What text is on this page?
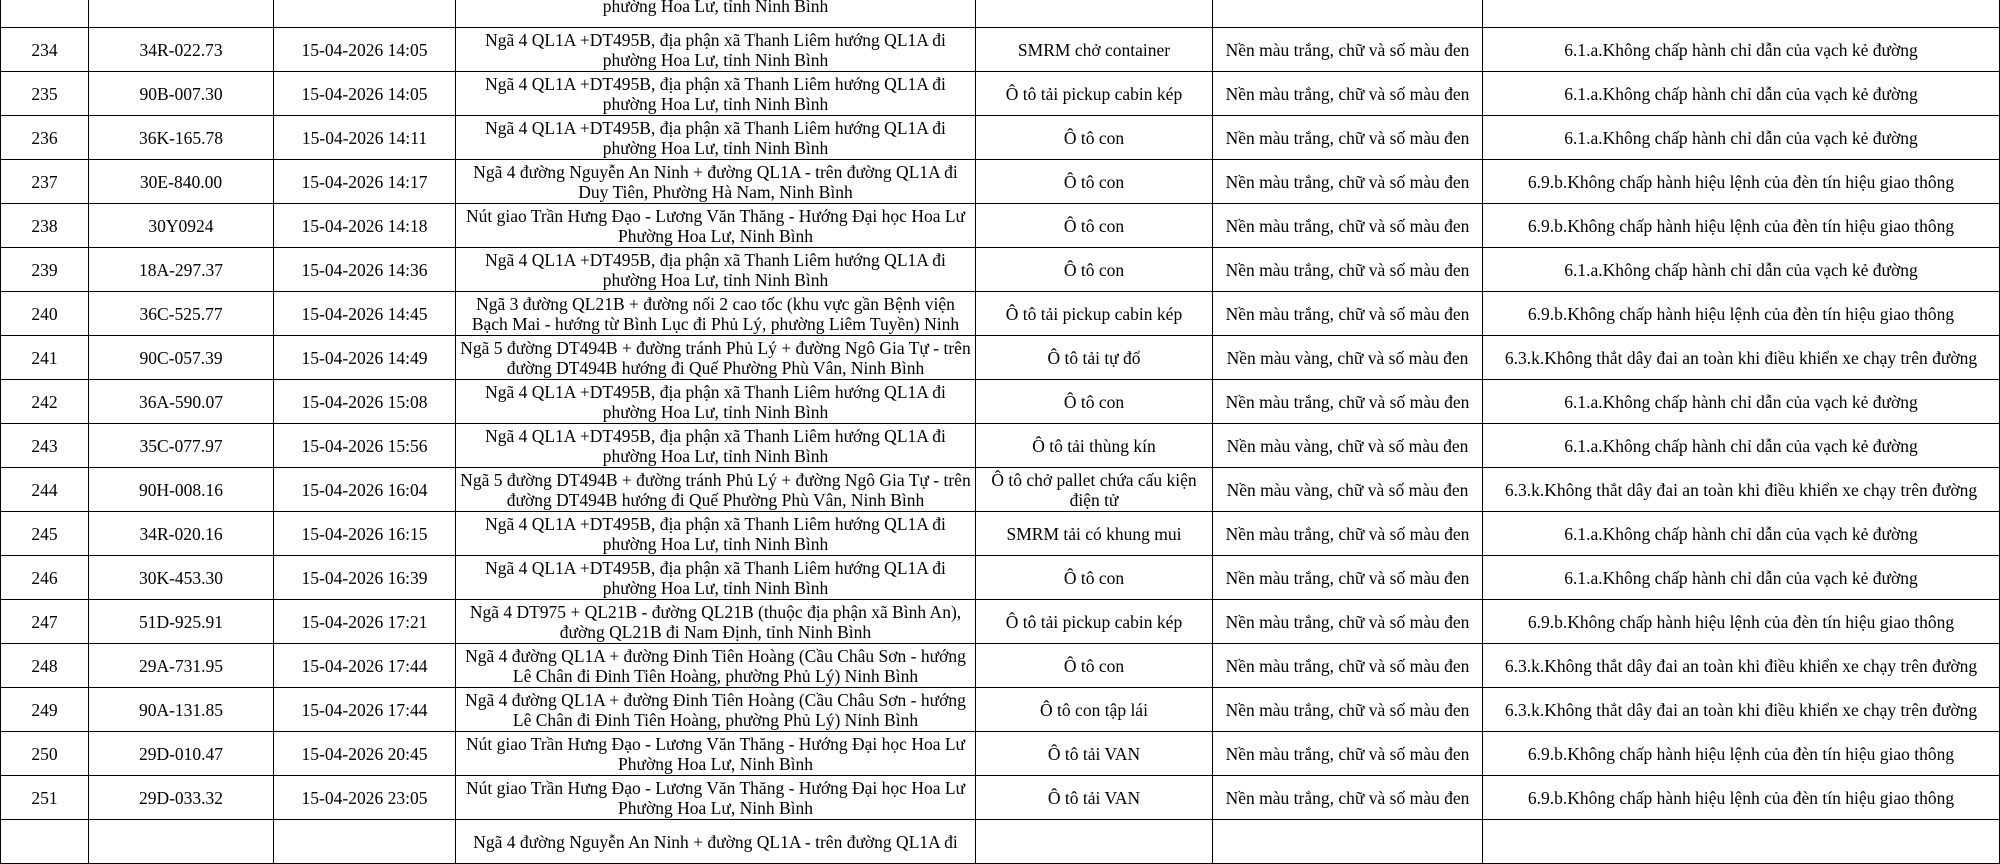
			phường Hoa Lư, tỉnh Ninh Bình			
234	34R-022.73	15-04-2026 14:05	Ngã 4 QL1A +DT495B, địa phận xã Thanh Liêm hướng QL1A đi phường Hoa Lư, tỉnh Ninh Bình	SMRM chở container	Nền màu trắng, chữ và số màu đen	6.1.a.Không chấp hành chỉ dẫn của vạch kẻ đường
235	90B-007.30	15-04-2026 14:05	Ngã 4 QL1A +DT495B, địa phận xã Thanh Liêm hướng QL1A đi phường Hoa Lư, tỉnh Ninh Bình	Ô tô tải pickup cabin kép	Nền màu trắng, chữ và số màu đen	6.1.a.Không chấp hành chỉ dẫn của vạch kẻ đường
236	36K-165.78	15-04-2026 14:11	Ngã 4 QL1A +DT495B, địa phận xã Thanh Liêm hướng QL1A đi phường Hoa Lư, tỉnh Ninh Bình	Ô tô con	Nền màu trắng, chữ và số màu đen	6.1.a.Không chấp hành chỉ dẫn của vạch kẻ đường
237	30E-840.00	15-04-2026 14:17	Ngã 4 đường Nguyễn An Ninh + đường QL1A - trên đường QL1A đi Duy Tiên, Phường Hà Nam, Ninh Bình	Ô tô con	Nền màu trắng, chữ và số màu đen	6.9.b.Không chấp hành hiệu lệnh của đèn tín hiệu giao thông
238	30Y0924	15-04-2026 14:18	Nút giao Trần Hưng Đạo - Lương Văn Thăng - Hướng Đại học Hoa Lư Phường Hoa Lư, Ninh Bình	Ô tô con	Nền màu trắng, chữ và số màu đen	6.9.b.Không chấp hành hiệu lệnh của đèn tín hiệu giao thông
239	18A-297.37	15-04-2026 14:36	Ngã 4 QL1A +DT495B, địa phận xã Thanh Liêm hướng QL1A đi phường Hoa Lư, tỉnh Ninh Bình	Ô tô con	Nền màu trắng, chữ và số màu đen	6.1.a.Không chấp hành chỉ dẫn của vạch kẻ đường
240	36C-525.77	15-04-2026 14:45	Ngã 3 đường QL21B + đường nối 2 cao tốc (khu vực gần Bệnh viện Bạch Mai - hướng từ Bình Lục đi Phủ Lý, phường Liêm Tuyền) Ninh	Ô tô tải pickup cabin kép	Nền màu trắng, chữ và số màu đen	6.9.b.Không chấp hành hiệu lệnh của đèn tín hiệu giao thông
241	90C-057.39	15-04-2026 14:49	Ngã 5 đường DT494B + đường tránh Phủ Lý + đường Ngô Gia Tự - trên đường DT494B hướng đi Quế Phường Phù Vân, Ninh Bình	Ô tô tải tự đổ	Nền màu vàng, chữ và số màu đen	6.3.k.Không thắt dây đai an toàn khi điều khiển xe chạy trên đường
242	36A-590.07	15-04-2026 15:08	Ngã 4 QL1A +DT495B, địa phận xã Thanh Liêm hướng QL1A đi phường Hoa Lư, tỉnh Ninh Bình	Ô tô con	Nền màu trắng, chữ và số màu đen	6.1.a.Không chấp hành chỉ dẫn của vạch kẻ đường
243	35C-077.97	15-04-2026 15:56	Ngã 4 QL1A +DT495B, địa phận xã Thanh Liêm hướng QL1A đi phường Hoa Lư, tỉnh Ninh Bình	Ô tô tải thùng kín	Nền màu vàng, chữ và số màu đen	6.1.a.Không chấp hành chỉ dẫn của vạch kẻ đường
244	90H-008.16	15-04-2026 16:04	Ngã 5 đường DT494B + đường tránh Phủ Lý + đường Ngô Gia Tự - trên đường DT494B hướng đi Quế Phường Phù Vân, Ninh Bình	Ô tô chở pallet chứa cấu kiện điện tử	Nền màu vàng, chữ và số màu đen	6.3.k.Không thắt dây đai an toàn khi điều khiển xe chạy trên đường
245	34R-020.16	15-04-2026 16:15	Ngã 4 QL1A +DT495B, địa phận xã Thanh Liêm hướng QL1A đi phường Hoa Lư, tỉnh Ninh Bình	SMRM tải có khung mui	Nền màu trắng, chữ và số màu đen	6.1.a.Không chấp hành chỉ dẫn của vạch kẻ đường
246	30K-453.30	15-04-2026 16:39	Ngã 4 QL1A +DT495B, địa phận xã Thanh Liêm hướng QL1A đi phường Hoa Lư, tỉnh Ninh Bình	Ô tô con	Nền màu trắng, chữ và số màu đen	6.1.a.Không chấp hành chỉ dẫn của vạch kẻ đường
247	51D-925.91	15-04-2026 17:21	Ngã 4 DT975 + QL21B - đường QL21B (thuộc địa phận xã Bình An), đường QL21B đi Nam Định, tỉnh Ninh Bình	Ô tô tải pickup cabin kép	Nền màu trắng, chữ và số màu đen	6.9.b.Không chấp hành hiệu lệnh của đèn tín hiệu giao thông
248	29A-731.95	15-04-2026 17:44	Ngã 4 đường QL1A + đường Đinh Tiên Hoàng (Cầu Châu Sơn - hướng Lê Chân đi Đinh Tiên Hoàng, phường Phủ Lý) Ninh Bình	Ô tô con	Nền màu trắng, chữ và số màu đen	6.3.k.Không thắt dây đai an toàn khi điều khiển xe chạy trên đường
249	90A-131.85	15-04-2026 17:44	Ngã 4 đường QL1A + đường Đinh Tiên Hoàng (Cầu Châu Sơn - hướng Lê Chân đi Đinh Tiên Hoàng, phường Phủ Lý) Ninh Bình	Ô tô con tập lái	Nền màu trắng, chữ và số màu đen	6.3.k.Không thắt dây đai an toàn khi điều khiển xe chạy trên đường
250	29D-010.47	15-04-2026 20:45	Nút giao Trần Hưng Đạo - Lương Văn Thăng - Hướng Đại học Hoa Lư Phường Hoa Lư, Ninh Bình	Ô tô tải VAN	Nền màu trắng, chữ và số màu đen	6.9.b.Không chấp hành hiệu lệnh của đèn tín hiệu giao thông
251	29D-033.32	15-04-2026 23:05	Nút giao Trần Hưng Đạo - Lương Văn Thăng - Hướng Đại học Hoa Lư Phường Hoa Lư, Ninh Bình	Ô tô tải VAN	Nền màu trắng, chữ và số màu đen	6.9.b.Không chấp hành hiệu lệnh của đèn tín hiệu giao thông
			Ngã 4 đường Nguyễn An Ninh + đường QL1A - trên đường QL1A đi			
